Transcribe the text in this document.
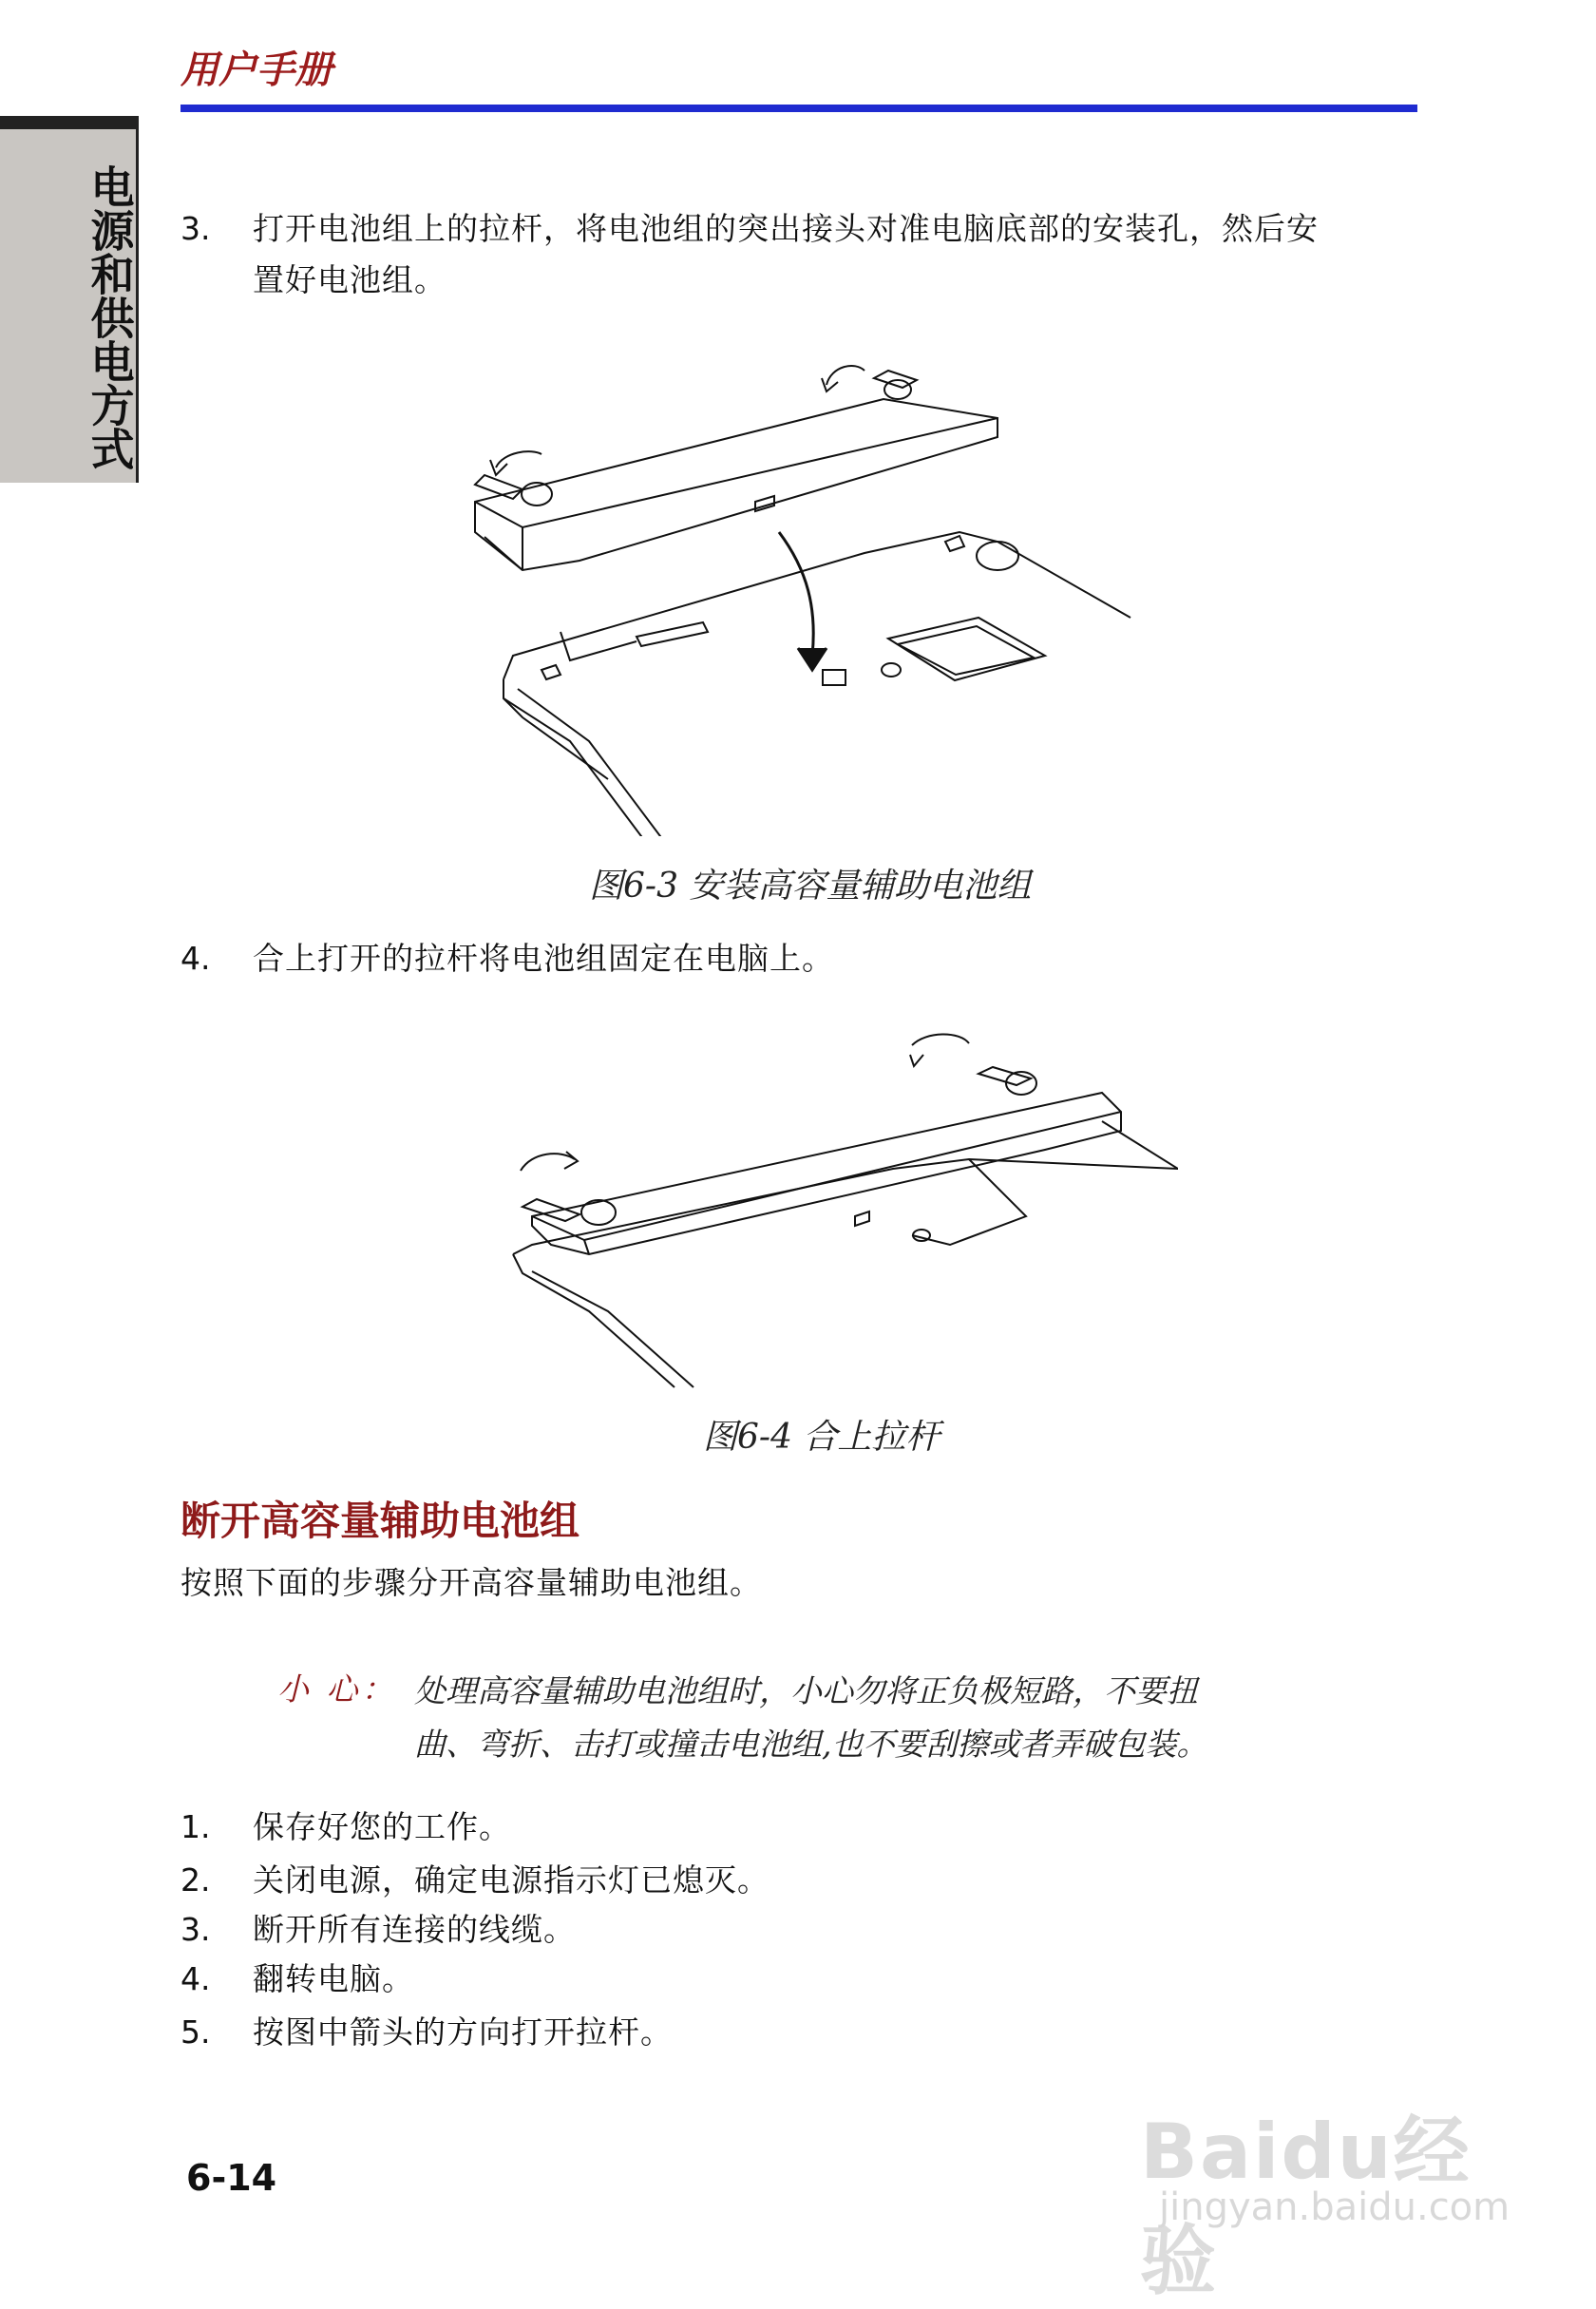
用户手册
电源和供电方式 3. 打开电池组上的拉杆，将电池组的突出接头对准电脑底部的安装孔，然后安
置好电池组。
图6-3 安装高容量辅助电池组
4. 合上打开的拉杆将电池组固定在电脑上。
图6-4 合上拉杆
断开高容量辅助电池组
按照下面的步骤分开高容量辅助电池组。
小 心： 处理高容量辅助电池组时，小心勿将正负极短路，不要扭
曲、弯折、击打或撞击电池组,也不要刮擦或者弄破包装。
1. 保存好您的工作。
2. 关闭电源，确定电源指示灯已熄灭。
3. 断开所有连接的线缆。
4. 翻转电脑。
5. 按图中箭头的方向打开拉杆。
6-14	Baidu经验
jingyan.baidu.com
